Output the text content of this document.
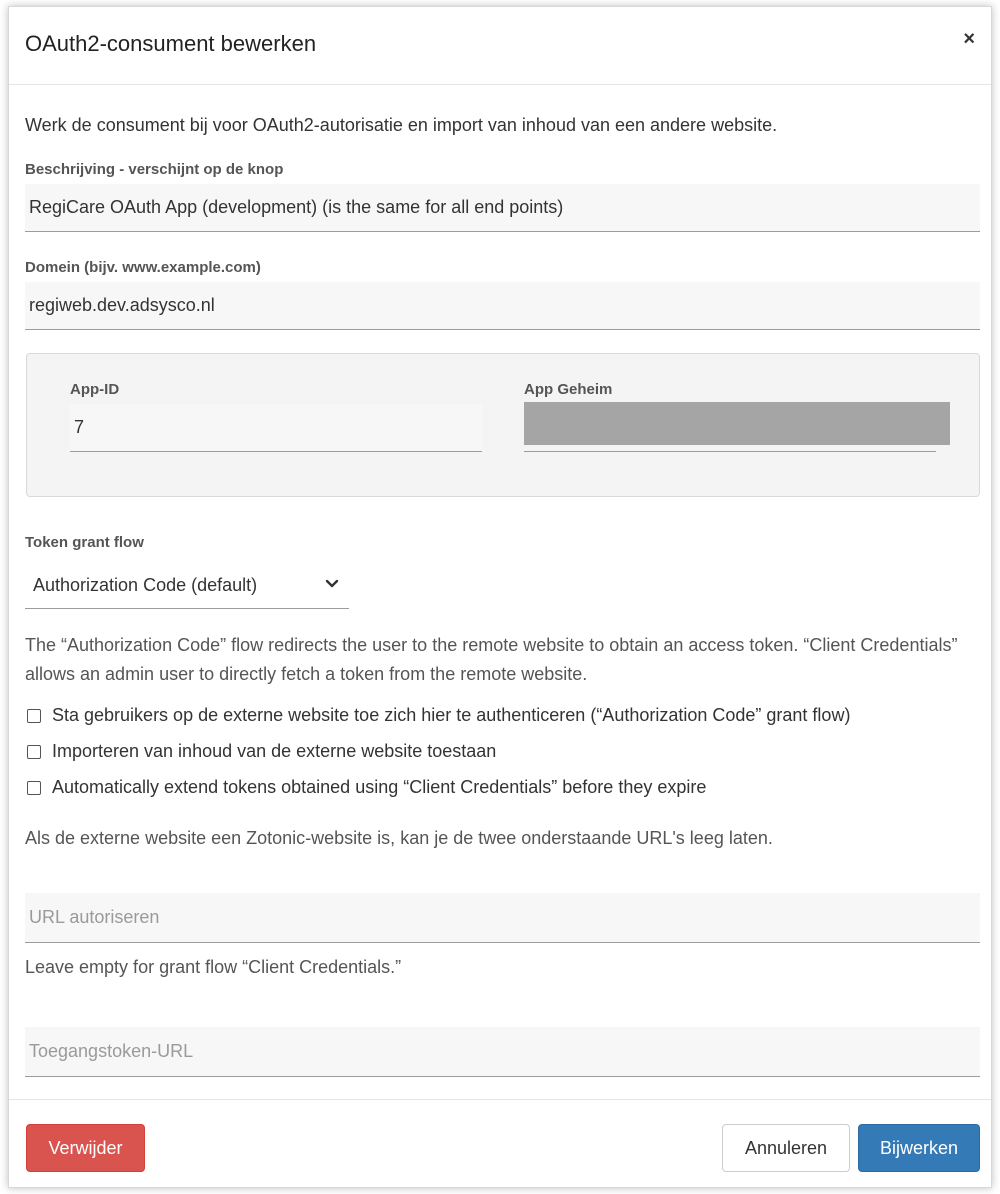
OAuth2-consument bewerken	×
Werk de consument bij voor OAuth2-autorisatie en import van inhoud van een andere website.
Beschrijving - verschijnt op de knop
RegiCare OAuth App (development) (is the same for all end points)
Domein (bijv. www.example.com)
regiweb.dev.adsysco.nl
App-ID
7
App Geheim
Token grant flow
Authorization Code (default)
The “Authorization Code” flow redirects the user to the remote website to obtain an access token. “Client Credentials” allows an admin user to directly fetch a token from the remote website.
Sta gebruikers op de externe website toe zich hier te authenticeren (“Authorization Code” grant flow)
Importeren van inhoud van de externe website toestaan
Automatically extend tokens obtained using “Client Credentials” before they expire
Als de externe website een Zotonic-website is, kan je de twee onderstaande URL's leeg laten.
URL autoriseren
Leave empty for grant flow “Client Credentials.”
Toegangstoken-URL
Verwijder	Annuleren	Bijwerken
